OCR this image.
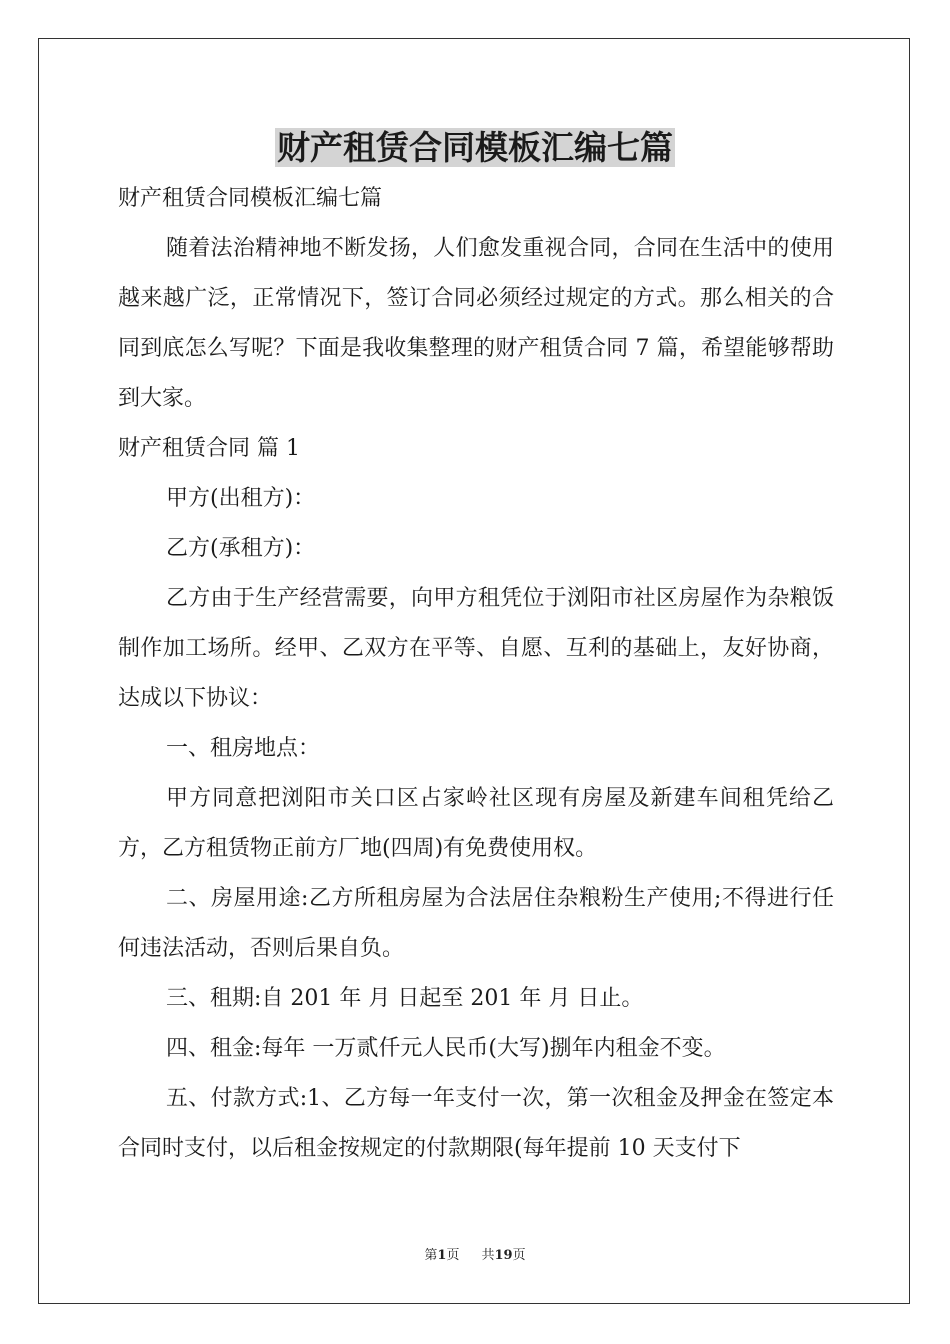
财产租赁合同模板汇编七篇

财产租赁合同模板汇编七篇

随着法治精神地不断发扬，人们愈发重视合同，合同在生活中的使用越来越广泛，正常情况下，签订合同必须经过规定的方式。那么相关的合同到底怎么写呢？下面是我收集整理的财产租赁合同 7 篇，希望能够帮助到大家。

财产租赁合同 篇 1

甲方(出租方)：

乙方(承租方)：

乙方由于生产经营需要，向甲方租凭位于浏阳市社区房屋作为杂粮饭制作加工场所。经甲、乙双方在平等、自愿、互利的基础上，友好协商，达成以下协议：

一、租房地点：

甲方同意把浏阳市关口区占家岭社区现有房屋及新建车间租凭给乙方，乙方租赁物正前方厂地(四周)有免费使用权。

二、房屋用途:乙方所租房屋为合法居住杂粮粉生产使用;不得进行任何违法活动，否则后果自负。

三、租期:自 201 年 月 日起至 201 年 月 日止。

四、租金:每年 一万贰仟元人民币(大写)捌年内租金不变。

五、付款方式:1、乙方每一年支付一次，第一次租金及押金在签定本合同时支付，以后租金按规定的付款期限(每年提前 10 天支付下

第1页 共19页
